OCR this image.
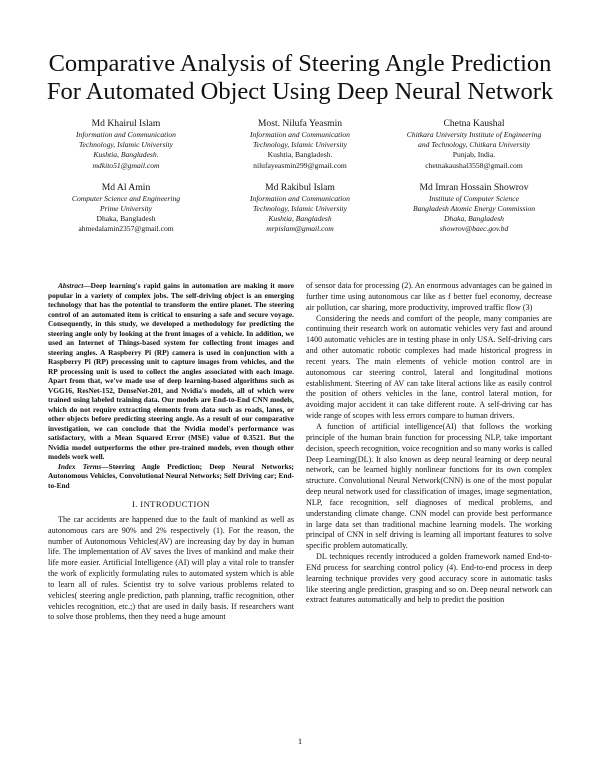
Comparative Analysis of Steering Angle Prediction
For Automated Object Using Deep Neural Network
Md Khairul Islam
Information and Communication
Technology, Islamic University
Kushtia, Bangladesh.
mdkito51@gmail.com
Most. Nilufa Yeasmin
Information and Communication
Technology, Islamic University
Kushtia, Bangladesh.
nilufayeasmin299@gmail.com
Chetna Kaushal
Chitkara University Institute of Engineering
and Technology, Chitkara University
Punjab, India.
chetnakaushal3558@gmail.com
Md Al Amin
Computer Science and Engineering
Prime University
Dhaka, Bangladesh
ahmedalamin2357@gmail.com
Md Rakibul Islam
Information and Communication
Technology, Islamic University
Kushtia, Bangladesh
mrpislam@gmail.com
Md Imran Hossain Showrov
Institute of Computer Science
Bangladesh Atomic Energy Commission
Dhaka, Bangladesh
showrov@baec.gov.bd

Abstract—Deep learning's rapid gains in automation are making it more popular in a variety of complex jobs. The self-driving object is an emerging technology that has the potential to transform the entire planet. The steering control of an automated item is critical to ensuring a safe and secure voyage. Consequently, in this study, we developed a methodology for predicting the steering angle only by looking at the front images of a vehicle. In addition, we used an Internet of Things-based system for collecting front images and steering angles. A Raspberry Pi (RP) camera is used in conjunction with a Raspberry Pi (RP) processing unit to capture images from vehicles, and the RP processing unit is used to collect the angles associated with each image. Apart from that, we've made use of deep learning-based algorithms such as VGG16, ResNet-152, DenseNet-201, and Nvidia's models, all of which were trained using labeled training data. Our models are End-to-End CNN models, which do not require extracting elements from data such as roads, lanes, or other objects before predicting steering angle. As a result of our comparative investigation, we can conclude that the Nvidia model's performance was satisfactory, with a Mean Squared Error (MSE) value of 0.3521. But the Nvidia model outperforms the other pre-trained models, even though other models work well.

Index Terms—Steering Angle Prediction; Deep Neural Networks; Autonomous Vehicles, Convolutional Neural Networks; Self Driving car; End-to-End

I. INTRODUCTION

The car accidents are happened due to the fault of mankind as well as autonomous cars are 90% and 2% respectively (1). For the reason, the number of Autonomous Vehicles(AV) are increasing day by day in human life. The implementation of AV saves the lives of mankind and make their life more easier. Artificial Intelligence (AI) will play a vital role to transfer the work of explicitly formulating rules to automated system which is able to learn all of rules. Scientist try to solve various problems related to vehicles( steering angle prediction, path planning, traffic recognition, other vehicles recognition, etc.;) that are used in daily basis. If researchers want to solve those problems, then they need a huge amount

of sensor data for processing (2). An enormous advantages can be gained in further time using autonomous car like as f better fuel economy, decrease air pollution, car sharing, more productivity, improved traffic flow (3)

Considering the needs and comfort of the people, many companies are continuing their research work on automatic vehicles very fast and around 1400 automatic vehicles are in testing phase in only USA. Self-driving cars and other automatic robotic complexes had made historical progress in recent years. The main elements of vehicle motion control are in autonomous car steering control, lateral and longitudinal motions establishment. Steering of AV can take literal actions like as easily control the position of others vehicles in the lane, control lateral motion, for avoiding major accident it can take different route. A self-driving car has wide range of scopes with less errors compare to human drivers.

A function of artificial intelligence(AI) that follows the working principle of the human brain function for processing NLP, take important decision, speech recognition, voice recognition and so many works is called Deep Learning(DL). It also known as deep neural learning or deep neural network, can be learned highly nonlinear functions for its own complex structure. Convolutional Neural Network(CNN) is one of the most popular deep neural network used for classification of images, image segmentation, NLP, face recognition, self diagnoses of medical problems, and understanding climate change. CNN model can provide best performance in large data set than traditional machine learning models. The working principal of CNN in self driving is learning all important features to solve specific problem automatically.

DL techniques recently introduced a golden framework named End-to-ENd process for searching control policy (4). End-to-end process in deep learning technique provides very good accuracy score in automatic tasks like steering angle prediction, grasping and so on. Deep neural network can extract features automatically and help to predict the position

1
